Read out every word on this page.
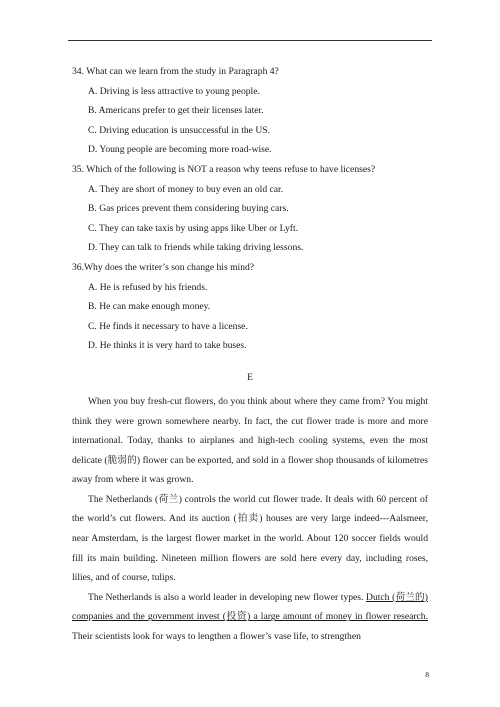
34. What can we learn from the study in Paragraph 4?

A. Driving is less attractive to young people.

B. Americans prefer to get their licenses later.

C. Driving education is unsuccessful in the US.

D. Young people are becoming more road-wise.

35. Which of the following is NOT a reason why teens refuse to have licenses?

A. They are short of money to buy even an old car.

B. Gas prices prevent them considering buying cars.

C. They can take taxis by using apps like Uber or Lyft.

D. They can talk to friends while taking driving lessons.

36.Why does the writer’s son change his mind?

A. He is refused by his friends.

B. He can make enough money.

C. He finds it necessary to have a license.

D. He thinks it is very hard to take buses.

E

When you buy fresh-cut flowers, do you think about where they came from? You might think they were grown somewhere nearby. In fact, the cut flower trade is more and more international. Today, thanks to airplanes and high-tech cooling systems, even the most delicate (脆弱的) flower can be exported, and sold in a flower shop thousands of kilometres away from where it was grown.

The Netherlands (荷兰) controls the world cut flower trade. It deals with 60 percent of the world’s cut flowers. And its auction (拍卖) houses are very large indeed---Aalsmeer, near Amsterdam, is the largest flower market in the world. About 120 soccer fields would fill its main building. Nineteen million flowers are sold here every day, including roses, lilies, and of course, tulips.

The Netherlands is also a world leader in developing new flower types. Dutch (荷兰的) companies and the government invest (投资) a large amount of money in flower research. Their scientists look for ways to lengthen a flower’s vase life, to strengthen

8
